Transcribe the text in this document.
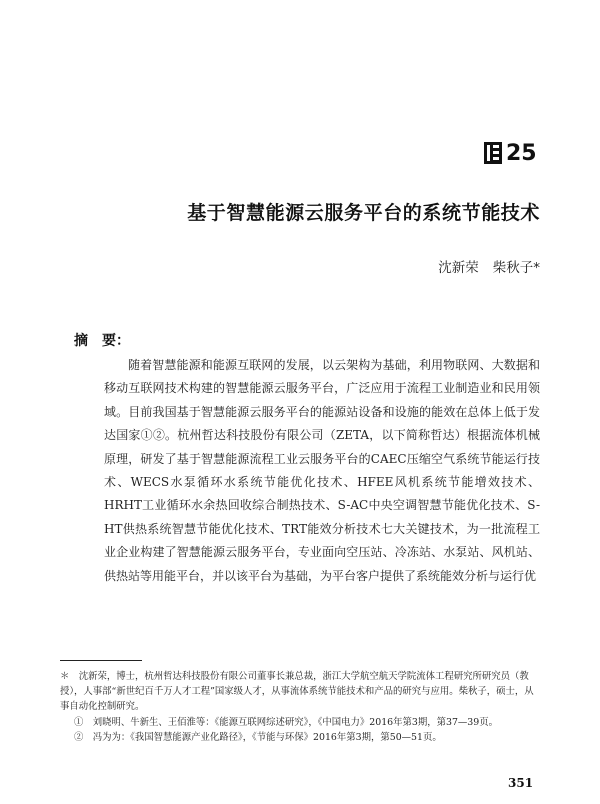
25
基于智慧能源云服务平台的系统节能技术
沈新荣 柴秋子*
摘　要：

随着智慧能源和能源互联网的发展，以云架构为基础，利用物联网、大数据和移动互联网技术构建的智慧能源云服务平台，广泛应用于流程工业制造业和民用领域。目前我国基于智慧能源云服务平台的能源站设备和设施的能效在总体上低于发达国家①②。杭州哲达科技股份有限公司（ZETA，以下简称哲达）根据流体机械原理，研发了基于智慧能源流程工业云服务平台的CAEC压缩空气系统节能运行技术、WECS水泵循环水系统节能优化技术、HFEE风机系统节能增效技术、HRHT工业循环水余热回收综合制热技术、S-AC中央空调智慧节能优化技术、S-HT供热系统智慧节能优化技术、TRT能效分析技术七大关键技术，为一批流程工业企业构建了智慧能源云服务平台，专业面向空压站、冷冻站、水泵站、风机站、供热站等用能平台，并以该平台为基础，为平台客户提供了系统能效分析与运行优

＊　沈新荣，博士，杭州哲达科技股份有限公司董事长兼总裁，浙江大学航空航天学院流体工程研究所研究员（教授），人事部“新世纪百千万人才工程”国家级人才，从事流体系统节能技术和产品的研究与应用。柴秋子，硕士，从事自动化控制研究。

①　刘晓明、牛新生、王佰淮等：《能源互联网综述研究》，《中国电力》2016年第3期，第37—39页。

②　冯为为：《我国智慧能源产业化路径》，《节能与环保》2016年第3期，第50—51页。

351
